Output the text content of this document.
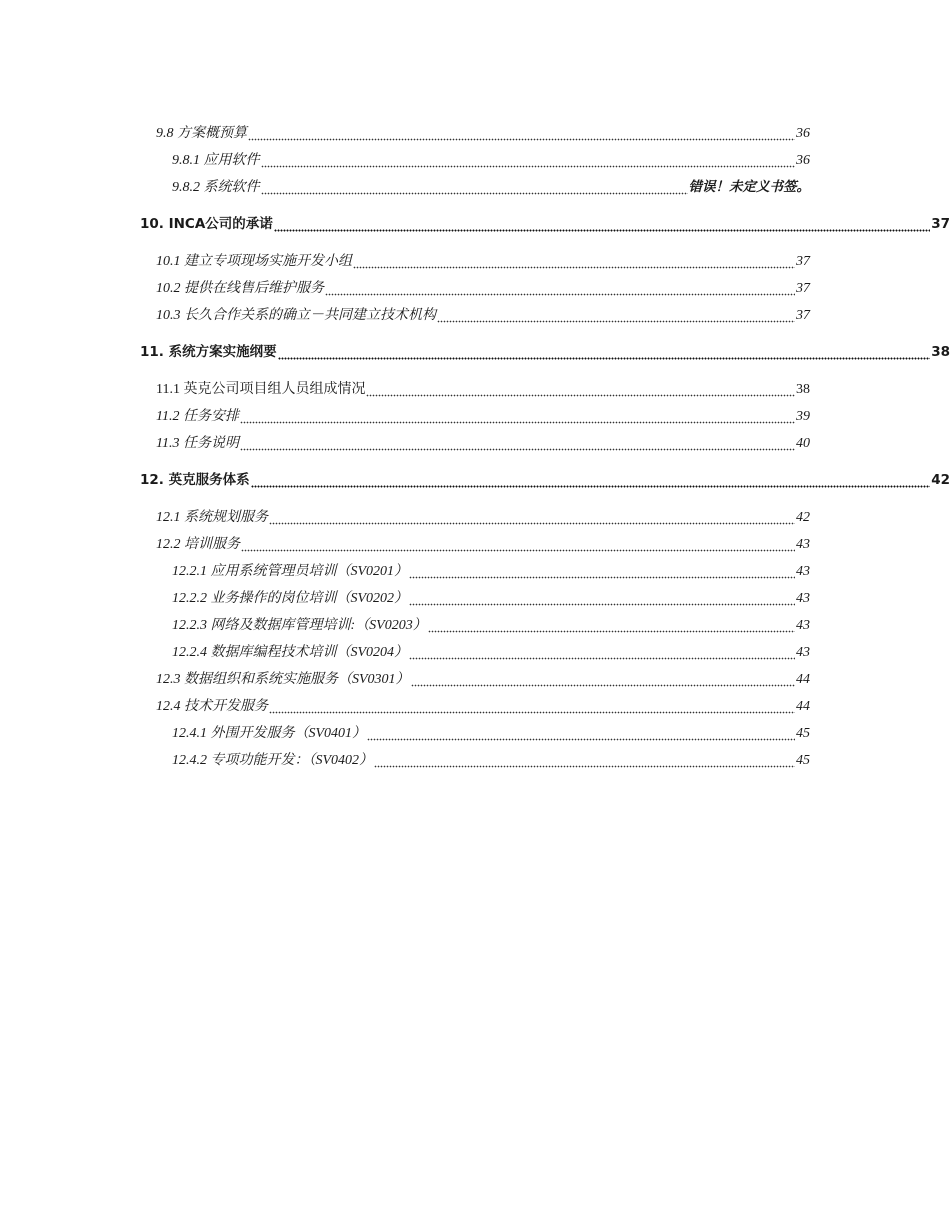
9.8 方案概预算	36
9.8.1 应用软件	36
9.8.2 系统软件	错误！未定义书签。
10. INCA公司的承诺	37
10.1 建立专项现场实施开发小组	37
10.2 提供在线售后维护服务	37
10.3 长久合作关系的确立－共同建立技术机构	37
11. 系统方案实施纲要	38
11.1 英克公司项目组人员组成情况	38
11.2 任务安排	39
11.3 任务说明	40
12. 英克服务体系	42
12.1 系统规划服务	42
12.2 培训服务	43
12.2.1 应用系统管理员培训（SV0201）	43
12.2.2 业务操作的岗位培训（SV0202）	43
12.2.3 网络及数据库管理培训:（SV0203）	43
12.2.4 数据库编程技术培训（SV0204）	43
12.3 数据组织和系统实施服务（SV0301）	44
12.4 技术开发服务	44
12.4.1 外围开发服务（SV0401）	45
12.4.2 专项功能开发：（SV0402）	45
